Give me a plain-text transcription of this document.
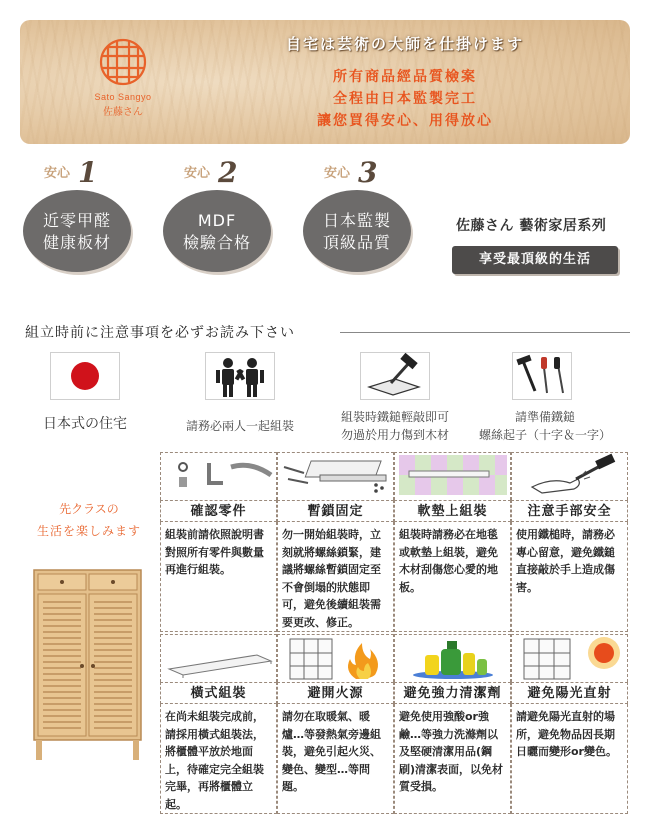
Sato Sangyo
佐藤さん
自宅は芸術の大師を仕掛けます
所有商品經品質檢案
全程由日本監製完工
讓您買得安心、用得放心
安心 1
近零甲醛
健康板材
安心 2
MDF
檢驗合格
安心 3
日本監製
頂級品質
佐藤さん 藝術家居系列
享受最頂級的生活
組立時前に注意事項を必ずお読み下さい
日本式の住宅	請務必兩人一起組裝
組裝時鐵鎚輕敲即可
勿過於用力傷到木材
請準備鐵鎚
螺絲起子（十字＆一字）
先クラスの
生活を楽しみます
確認零件
組裝前請依照說明書對照所有零件與數量再進行組裝。
暫鎖固定
勿一開始組裝時，立刻就將螺絲鎖緊，建議將螺絲暫鎖固定至不會倒塌的狀態即可，避免後續組裝需要更改、修正。
軟墊上組裝
組裝時請務必在地毯或軟墊上組裝，避免木材刮傷您心愛的地板。
注意手部安全
使用鐵槌時，請務必專心留意，避免鐵鎚直接敲於手上造成傷害。
橫式組裝
在尚未組裝完成前，請採用橫式組裝法，將櫃體平放於地面上，待確定完全組裝完畢，再將櫃體立起。
避開火源
請勿在取暖氣、暖爐…等發熱氣旁邊組裝，避免引起火災、變色、變型…等問題。
避免強力清潔劑
避免使用強酸or強鹼…等強力洗滌劑以及堅硬清潔用品(鋼刷)清潔表面，以免材質受損。
避免陽光直射
請避免陽光直射的場所，避免物品因長期日曬而變形or變色。
